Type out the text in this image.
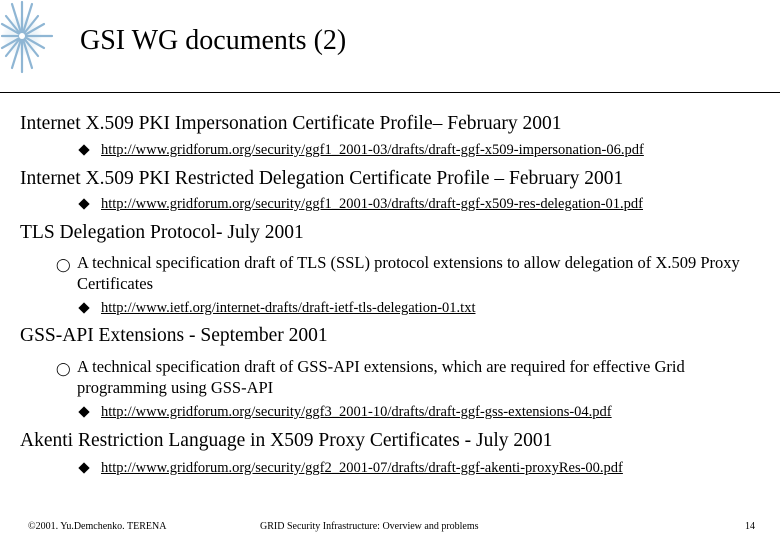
GSI WG documents (2)
Internet X.509 PKI Impersonation Certificate Profile– February 2001
http://www.gridforum.org/security/ggf1_2001-03/drafts/draft-ggf-x509-impersonation-06.pdf
Internet X.509 PKI Restricted Delegation Certificate Profile – February 2001
http://www.gridforum.org/security/ggf1_2001-03/drafts/draft-ggf-x509-res-delegation-01.pdf
TLS Delegation Protocol- July 2001
◯ A technical specification draft of TLS (SSL) protocol extensions to allow delegation of X.509 Proxy Certificates
http://www.ietf.org/internet-drafts/draft-ietf-tls-delegation-01.txt
GSS-API Extensions - September 2001
◯ A technical specification draft of GSS-API extensions, which are required for effective Grid programming using GSS-API
http://www.gridforum.org/security/ggf3_2001-10/drafts/draft-ggf-gss-extensions-04.pdf
Akenti Restriction Language in X509 Proxy Certificates - July 2001
http://www.gridforum.org/security/ggf2_2001-07/drafts/draft-ggf-akenti-proxyRes-00.pdf
©2001. Yu.Demchenko. TERENA	GRID Security Infrastructure: Overview and problems	14
